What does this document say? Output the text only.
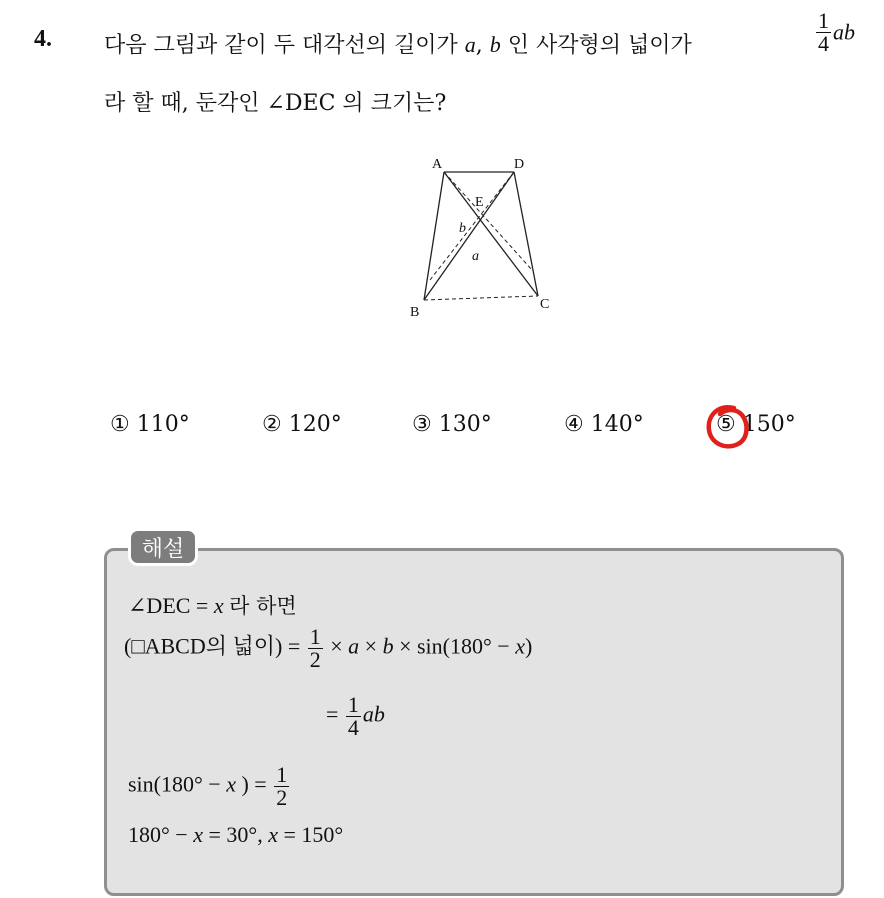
4. 다음 그림과 같이 두 대각선의 길이가 a, b 인 사각형의 넓이가	$\frac{1}{4}$ ab
라 할 때, 둔각인 ∠DEC 의 크기는?
A	D
E
B
C
b
a
① 110°	② 120°	③ 130°	④ 140°	⑤ 150°
해설
∠DEC = x 라 하면
(□ABCD의 넓이) = $\frac{1}{2} \times a \times b \times \sin(180^\circ - x)$
= $\frac{1}{4}$ ab
sin(180° − x ) = $\frac{1}{2}$
180° − x = 30°, x = 150°
